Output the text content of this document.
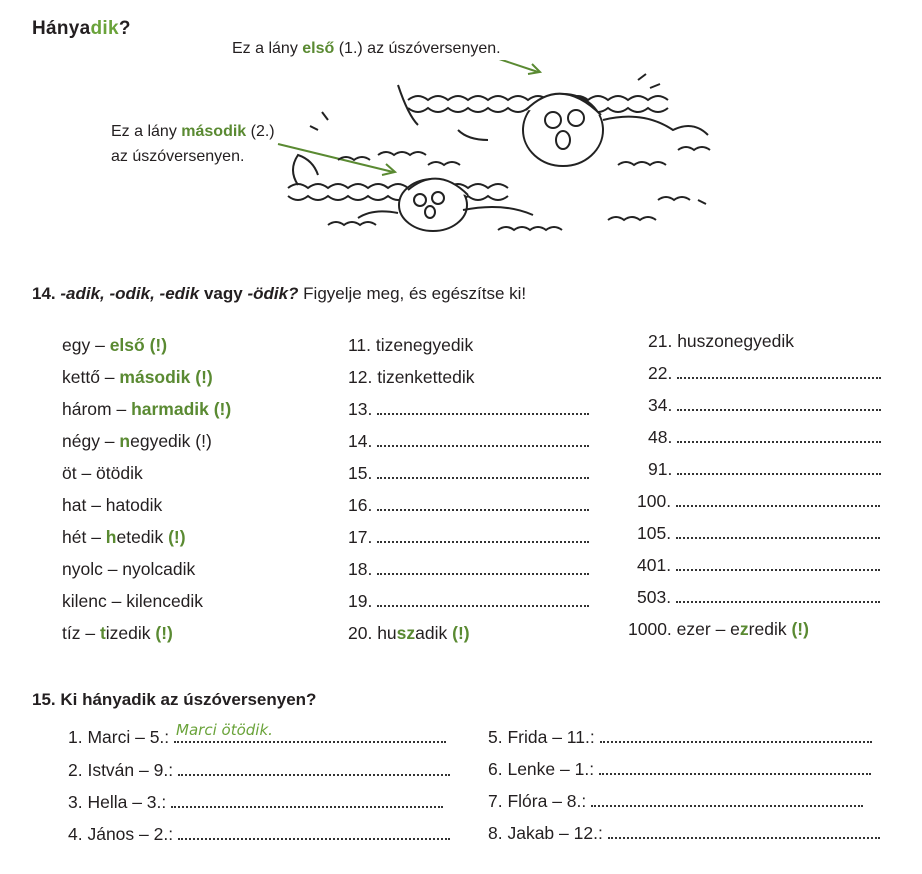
Hányadik?
Ez a lány első (1.) az úszóversenyen.
Ez a lány második (2.)
az úszóversenyen.
14. -adik, -odik, -edik vagy -ödik? Figyelje meg, és egészítse ki!
egy – első (!)
kettő – második (!)
három – harmadik (!)
négy – negyedik (!)
öt – ötödik
hat – hatodik
hét – hetedik (!)
nyolc – nyolcadik
kilenc – kilencedik
tíz – tizedik (!)
11. tizenegyedik
12. tizenkettedik
13.
14.
15.
16.
17.
18.
19.
20. huszadik (!)
21. huszonegyedik
22.
34.
48.
91.
100.
105.
401.
503.
1000. ezer – ezredik (!)
15. Ki hányadik az úszóversenyen?
1. Marci – 5.: Marci ötödik.
2. István – 9.:
3. Hella – 3.:
4. János – 2.:
5. Frida – 11.:
6. Lenke – 1.:
7. Flóra – 8.:
8. Jakab – 12.:
